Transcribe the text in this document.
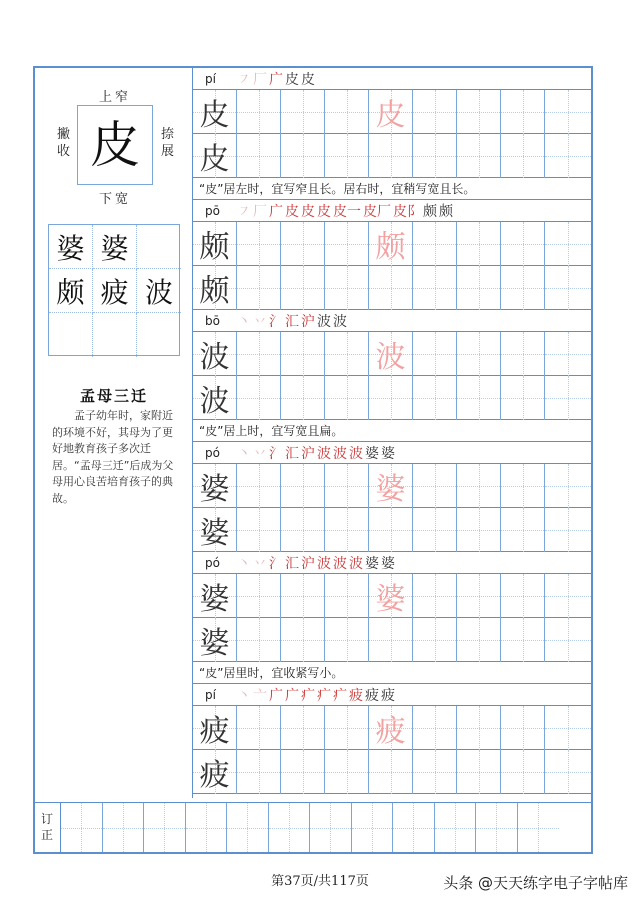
上窄
撇收 皮 捺展
下宽
婆 婆
颇 疲 波
孟母三迁
孟子幼年时，家附近的环境不好，其母为了更好地教育孩子多次迁居。“孟母三迁”后成为父母用心良苦培育孩子的典故。
pí	㇇ 厂 广 皮 皮
皮	皮
皮
“皮”居左时，宜写窄且长。居右时，宜稍写宽且长。
pō	㇇ 厂 广 皮 皮 皮 皮一 皮厂 皮阝 颇 颇
颇	颇
颇
bō	丶 丷 氵 汇 沪 波 波
波	波
波
“皮”居上时，宜写宽且扁。
pó	丶 丷 氵 汇 沪 波 波 波 婆 婆
婆	婆
婆
pó	丶 丷 氵 汇 沪 波 波 波 婆 婆
婆	婆
婆
“皮”居里时，宜收紧写小。
pí	丶 亠 广 广 疒 疒 疒 疲 疲 疲
疲	疲
疲
订正
第37页/共117页	头条 @天天练字电子字帖库
